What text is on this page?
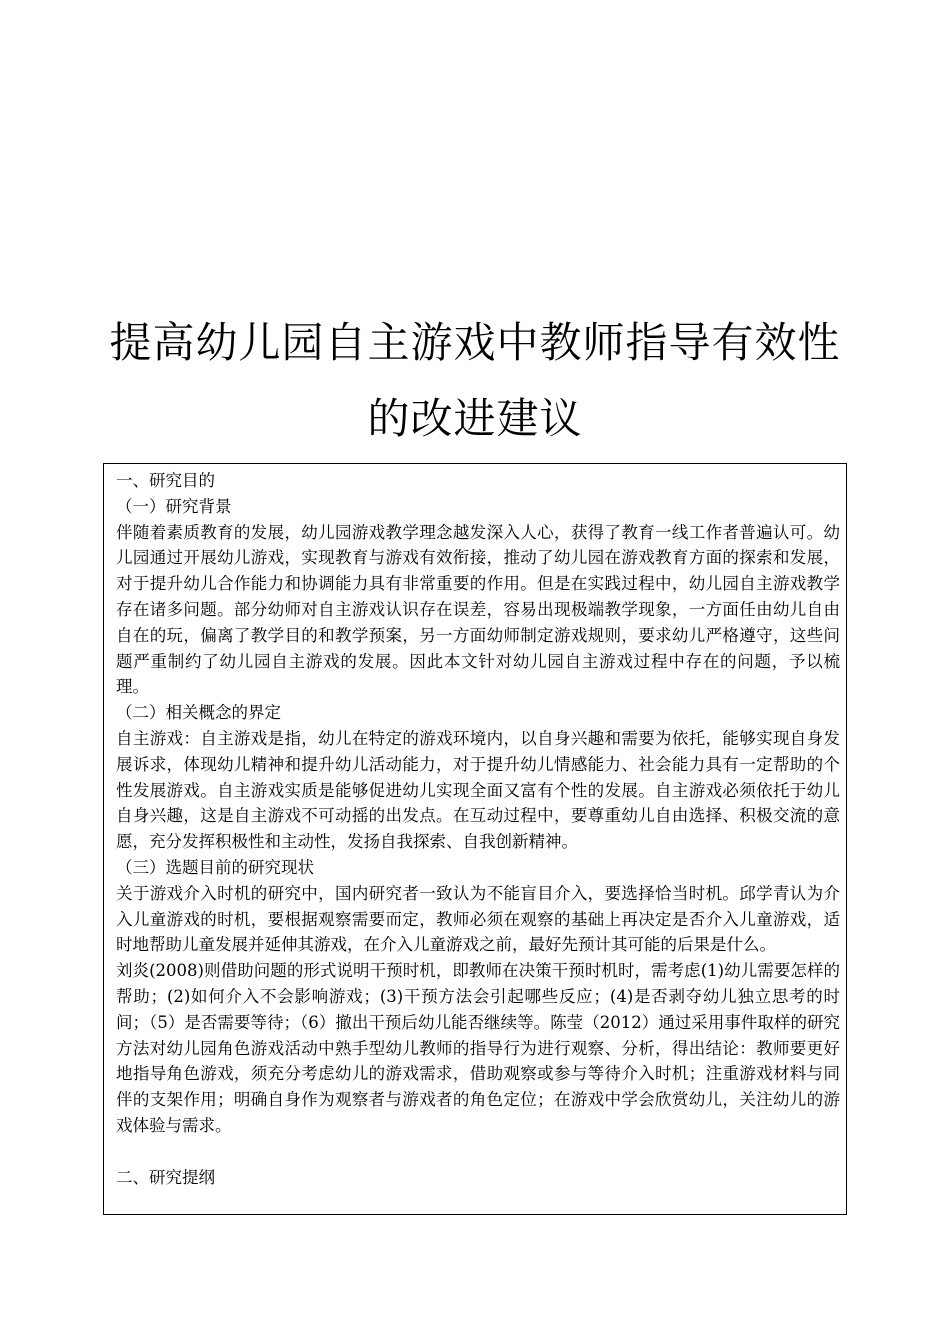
提高幼儿园自主游戏中教师指导有效性
的改进建议

一、研究目的

（一）研究背景

伴随着素质教育的发展，幼儿园游戏教学理念越发深入人心，获得了教育一线工作者普遍认可。幼儿园通过开展幼儿游戏，实现教育与游戏有效衔接，推动了幼儿园在游戏教育方面的探索和发展，对于提升幼儿合作能力和协调能力具有非常重要的作用。但是在实践过程中，幼儿园自主游戏教学存在诸多问题。部分幼师对自主游戏认识存在误差，容易出现极端教学现象，一方面任由幼儿自由自在的玩，偏离了教学目的和教学预案，另一方面幼师制定游戏规则，要求幼儿严格遵守，这些问题严重制约了幼儿园自主游戏的发展。因此本文针对幼儿园自主游戏过程中存在的问题，予以梳理。

（二）相关概念的界定

自主游戏：自主游戏是指，幼儿在特定的游戏环境内，以自身兴趣和需要为依托，能够实现自身发展诉求，体现幼儿精神和提升幼儿活动能力，对于提升幼儿情感能力、社会能力具有一定帮助的个性发展游戏。自主游戏实质是能够促进幼儿实现全面又富有个性的发展。自主游戏必须依托于幼儿自身兴趣，这是自主游戏不可动摇的出发点。在互动过程中，要尊重幼儿自由选择、积极交流的意愿，充分发挥积极性和主动性，发扬自我探索、自我创新精神。

（三）选题目前的研究现状

关于游戏介入时机的研究中，国内研究者一致认为不能盲目介入，要选择恰当时机。邱学青认为介入儿童游戏的时机，要根据观察需要而定，教师必须在观察的基础上再决定是否介入儿童游戏，适时地帮助儿童发展并延伸其游戏，在介入儿童游戏之前，最好先预计其可能的后果是什么。

刘炎(2008)则借助问题的形式说明干预时机，即教师在决策干预时机时，需考虑(1)幼儿需要怎样的帮助；(2)如何介入不会影响游戏；(3)干预方法会引起哪些反应；(4)是否剥夺幼儿独立思考的时间；（5）是否需要等待；（6）撤出干预后幼儿能否继续等。陈莹（2012）通过采用事件取样的研究方法对幼儿园角色游戏活动中熟手型幼儿教师的指导行为进行观察、分析，得出结论：教师要更好地指导角色游戏，须充分考虑幼儿的游戏需求，借助观察或参与等待介入时机；注重游戏材料与同伴的支架作用；明确自身作为观察者与游戏者的角色定位；在游戏中学会欣赏幼儿，关注幼儿的游戏体验与需求。

二、研究提纲
